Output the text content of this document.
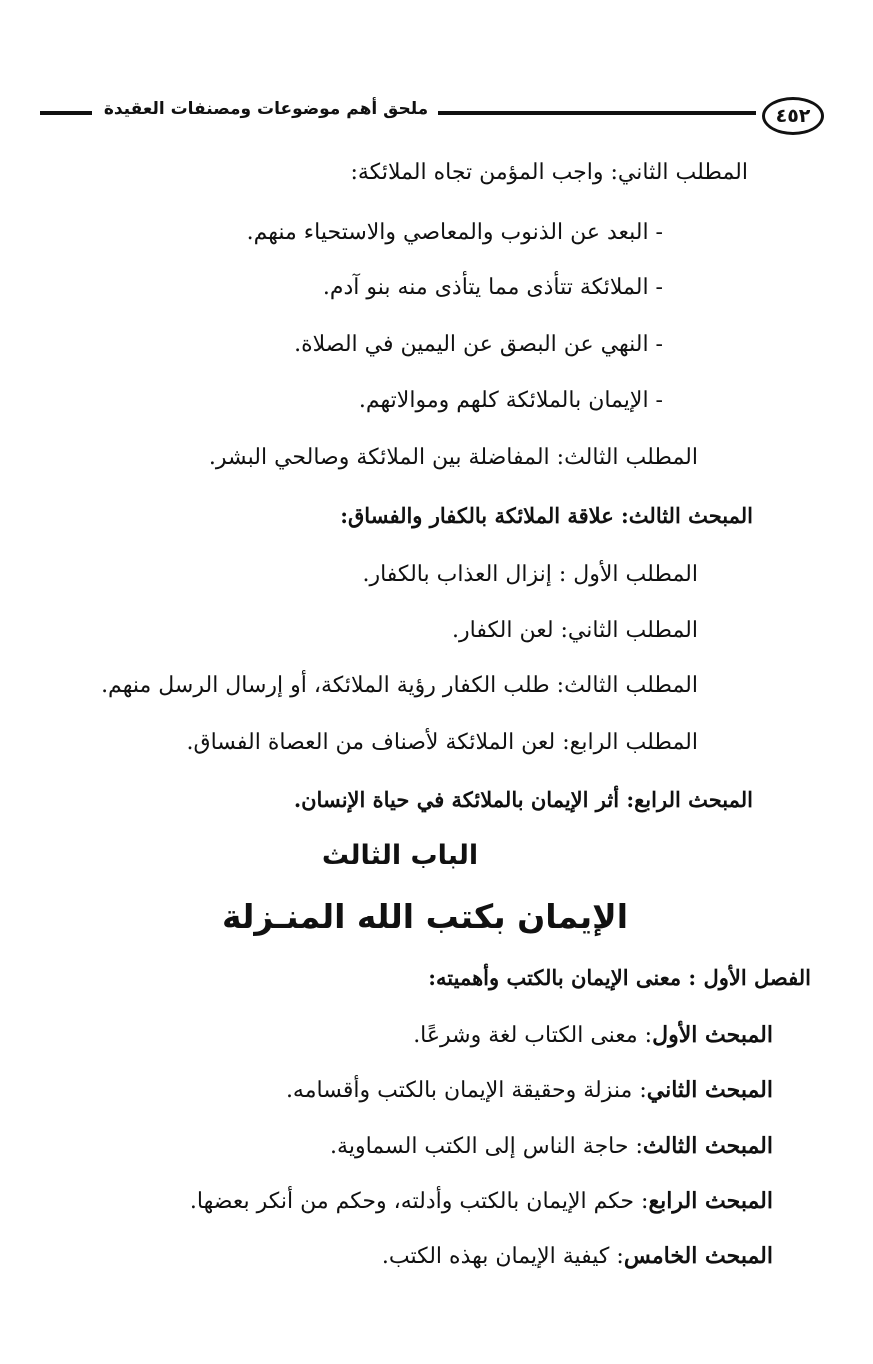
ملحق أهم موضوعات ومصنفات العقيدة	٤٥٢
المطلب الثاني: واجب المؤمن تجاه الملائكة:
- البعد عن الذنوب والمعاصي والاستحياء منهم.
- الملائكة تتأذى مما يتأذى منه بنو آدم.
- النهي عن البصق عن اليمين في الصلاة.
- الإيمان بالملائكة كلهم وموالاتهم.
المطلب الثالث: المفاضلة بين الملائكة وصالحي البشر.
المبحث الثالث: علاقة الملائكة بالكفار والفساق:
المطلب الأول : إنزال العذاب بالكفار.
المطلب الثاني: لعن الكفار.
المطلب الثالث: طلب الكفار رؤية الملائكة، أو إرسال الرسل منهم.
المطلب الرابع: لعن الملائكة لأصناف من العصاة الفساق.
المبحث الرابع: أثر الإيمان بالملائكة في حياة الإنسان.
الباب الثالث
الإيمان بكتب الله المنـزلة
الفصل الأول : معنى الإيمان بالكتب وأهميته:
المبحث الأول: معنى الكتاب لغة وشرعًا.
المبحث الثاني: منزلة وحقيقة الإيمان بالكتب وأقسامه.
المبحث الثالث: حاجة الناس إلى الكتب السماوية.
المبحث الرابع: حكم الإيمان بالكتب وأدلته، وحكم من أنكر بعضها.
المبحث الخامس: كيفية الإيمان بهذه الكتب.
